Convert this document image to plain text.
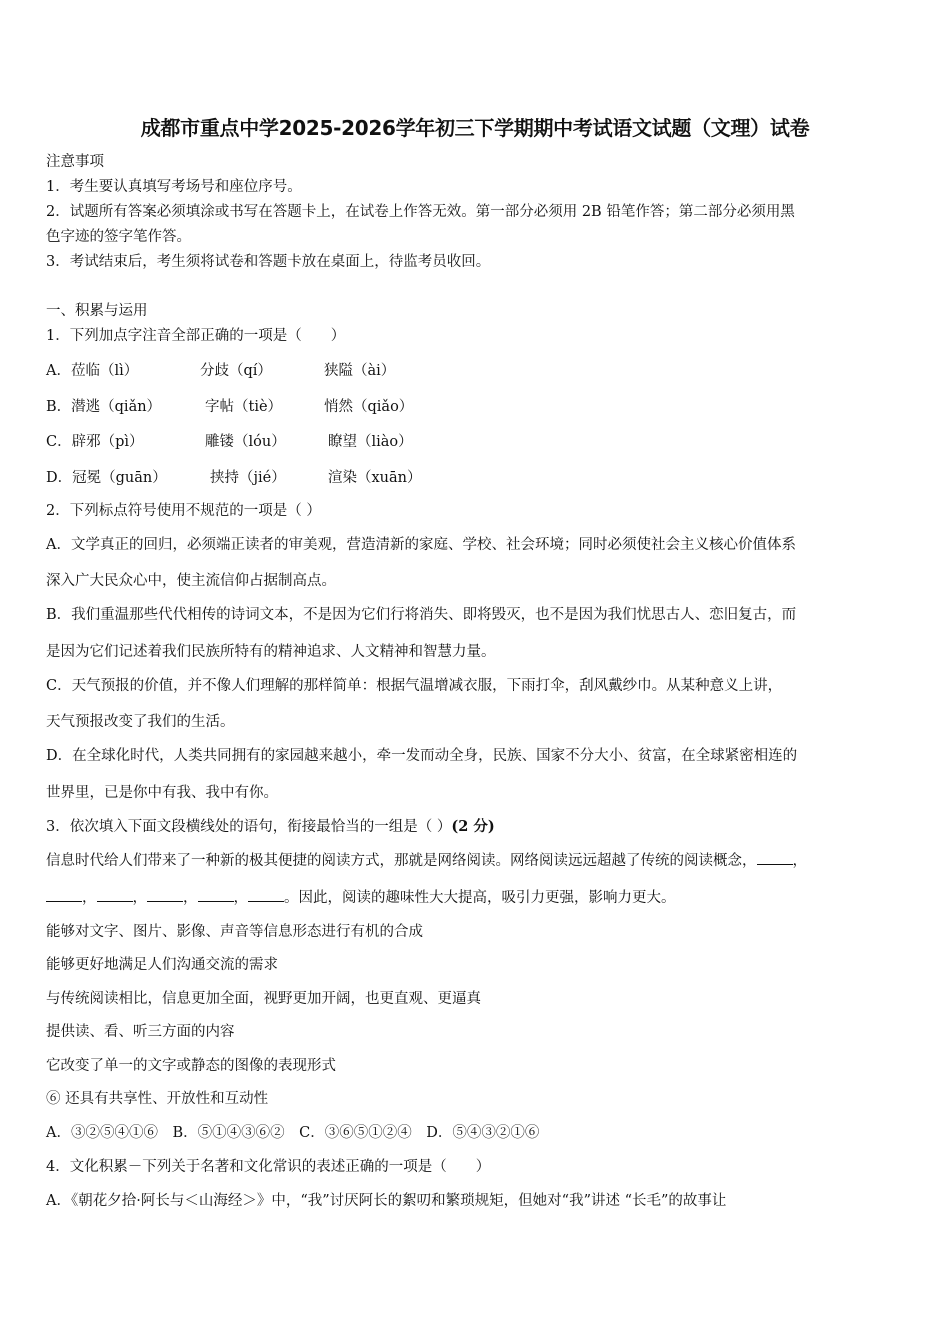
成都市重点中学2025-2026学年初三下学期期中考试语文试题（文理）试卷
注意事项
1．考生要认真填写考场号和座位序号。
2．试题所有答案必须填涂或书写在答题卡上，在试卷上作答无效。第一部分必须用 2B 铅笔作答；第二部分必须用黑
色字迹的签字笔作答。
3．考试结束后，考生须将试卷和答题卡放在桌面上，待监考员收回。
一、积累与运用
1．下列加点字注音全部正确的一项是（　　）
A．莅临（lì）	分歧（qí）	狭隘（ài）
B．潜逃（qiǎn）	字帖（tiè）	悄然（qiǎo）
C．辟邪（pì）	雕镂（lóu）	瞭望（liào）
D．冠冕（guān）	挟持（jié）	渲染（xuān）
2．下列标点符号使用不规范的一项是（ ）
A．文学真正的回归，必须端正读者的审美观，营造清新的家庭、学校、社会环境；同时必须使社会主义核心价值体系
深入广大民众心中，使主流信仰占据制高点。
B．我们重温那些代代相传的诗词文本，不是因为它们行将消失、即将毁灭，也不是因为我们忧思古人、恋旧复古，而
是因为它们记述着我们民族所特有的精神追求、人文精神和智慧力量。
C．天气预报的价值，并不像人们理解的那样简单：根据气温增减衣服，下雨打伞，刮风戴纱巾。从某种意义上讲，
天气预报改变了我们的生活。
D．在全球化时代，人类共同拥有的家园越来越小，牵一发而动全身，民族、国家不分大小、贫富，在全球紧密相连的
世界里，已是你中有我、我中有你。
3．依次填入下面文段横线处的语句，衔接最恰当的一组是（ ）(2 分)
信息时代给人们带来了一种新的极其便捷的阅读方式，那就是网络阅读。网络阅读远远超越了传统的阅读概念， ，
， ， ， ， 。因此，阅读的趣味性大大提高，吸引力更强，影响力更大。
能够对文字、图片、影像、声音等信息形态进行有机的合成
能够更好地满足人们沟通交流的需求
与传统阅读相比，信息更加全面，视野更加开阔，也更直观、更逼真
提供读、看、听三方面的内容
它改变了单一的文字或静态的图像的表现形式
⑥ 还具有共享性、开放性和互动性
A．③②⑤④①⑥　B．⑤①④③⑥②　C．③⑥⑤①②④　D．⑤④③②①⑥
4．文化积累－下列关于名著和文化常识的表述正确的一项是（　　）
A．《朝花夕拾·阿长与＜山海经＞》中，“我”讨厌阿长的絮叨和繁琐规矩，但她对“我”讲述 “长毛”的故事让
